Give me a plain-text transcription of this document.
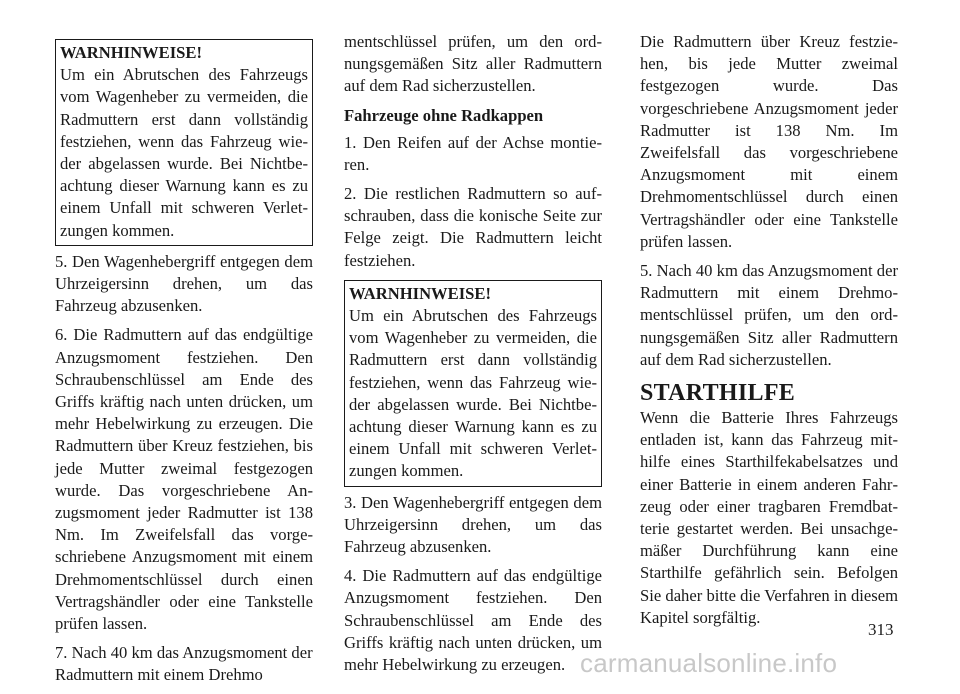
WARNHINWEISE!
Um ein Abrutschen des Fahrzeugs vom Wagenheber zu vermeiden, die Radmuttern erst dann vollständig festziehen, wenn das Fahrzeug wieder abgelassen wurde. Bei Nichtbeachtung dieser Warnung kann es zu einem Unfall mit schweren Verletzungen kommen.

5. Den Wagenhebergriff entgegen dem Uhrzeigersinn drehen, um das Fahrzeug abzusenken.

6. Die Radmuttern auf das endgültige Anzugsmoment festziehen. Den Schraubenschlüssel am Ende des Griffs kräftig nach unten drücken, um mehr Hebelwirkung zu erzeugen. Die Radmuttern über Kreuz festziehen, bis jede Mutter zweimal festgezogen wurde. Das vorgeschriebene Anzugsmoment jeder Radmutter ist 138 Nm. Im Zweifelsfall das vorgeschriebene Anzugsmoment mit einem Drehmomentschlüssel durch einen Vertragshändler oder eine Tankstelle prüfen lassen.

7. Nach 40 km das Anzugsmoment der Radmuttern mit einem Drehmo

mentschlüssel prüfen, um den ordnungsgemäßen Sitz aller Radmuttern auf dem Rad sicherzustellen.

Fahrzeuge ohne Radkappen

1. Den Reifen auf der Achse montieren.

2. Die restlichen Radmuttern so aufschrauben, dass die konische Seite zur Felge zeigt. Die Radmuttern leicht festziehen.

WARNHINWEISE!
Um ein Abrutschen des Fahrzeugs vom Wagenheber zu vermeiden, die Radmuttern erst dann vollständig festziehen, wenn das Fahrzeug wieder abgelassen wurde. Bei Nichtbeachtung dieser Warnung kann es zu einem Unfall mit schweren Verletzungen kommen.

3. Den Wagenhebergriff entgegen dem Uhrzeigersinn drehen, um das Fahrzeug abzusenken.

4. Die Radmuttern auf das endgültige Anzugsmoment festziehen. Den Schraubenschlüssel am Ende des Griffs kräftig nach unten drücken, um mehr Hebelwirkung zu erzeugen.

Die Radmuttern über Kreuz festziehen, bis jede Mutter zweimal festgezogen wurde. Das vorgeschriebene Anzugsmoment jeder Radmutter ist 138 Nm. Im Zweifelsfall das vorgeschriebene Anzugsmoment mit einem Drehmomentschlüssel durch einen Vertragshändler oder eine Tankstelle prüfen lassen.

5. Nach 40 km das Anzugsmoment der Radmuttern mit einem Drehmomentschlüssel prüfen, um den ordnungsgemäßen Sitz aller Radmuttern auf dem Rad sicherzustellen.

STARTHILFE

Wenn die Batterie Ihres Fahrzeugs entladen ist, kann das Fahrzeug mithilfe eines Starthilfekabelsatzes und einer Batterie in einem anderen Fahrzeug oder einer tragbaren Fremdbatterie gestartet werden. Bei unsachgemäßer Durchführung kann eine Starthilfe gefährlich sein. Befolgen Sie daher bitte die Verfahren in diesem Kapitel sorgfältig.

313
carmanualsonline.info
